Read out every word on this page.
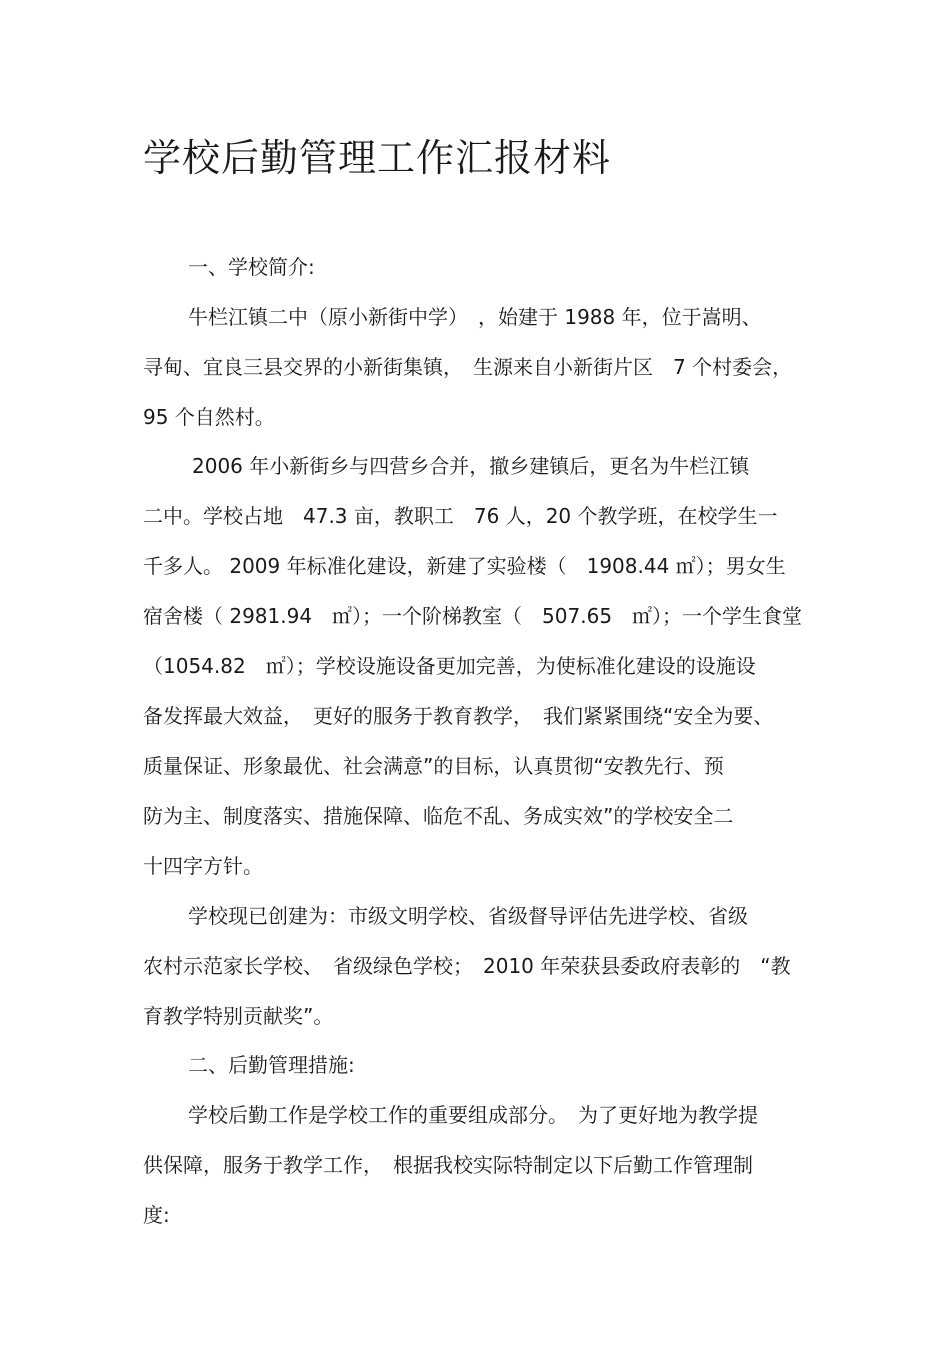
学校后勤管理工作汇报材料

一、学校简介:

牛栏江镇二中（原小新街中学）　，始建于 1988 年，位于嵩明、

寻甸、宜良三县交界的小新街集镇，　生源来自小新街片区　7 个村委会，

95 个自然村。

2006 年小新街乡与四营乡合并，撤乡建镇后，更名为牛栏江镇

二中。学校占地　47.3 亩，教职工　76 人，20 个教学班，在校学生一

千多人。 2009 年标准化建设，新建了实验楼（　1908.44 ㎡）；男女生

宿舍楼（ 2981.94　㎡）；一个阶梯教室（　507.65　㎡）；一个学生食堂

（1054.82　㎡）；学校设施设备更加完善，为使标准化建设的设施设

备发挥最大效益，　更好的服务于教育教学，　我们紧紧围绕“安全为要、

质量保证、形象最优、社会满意”的目标，认真贯彻“安教先行、预

防为主、制度落实、措施保障、临危不乱、务成实效”的学校安全二

十四字方针。

学校现已创建为：市级文明学校、省级督导评估先进学校、省级

农村示范家长学校、　省级绿色学校；　2010 年荣获县委政府表彰的　“教

育教学特别贡献奖”。

二、后勤管理措施:

学校后勤工作是学校工作的重要组成部分。　为了更好地为教学提

供保障，服务于教学工作，　根据我校实际特制定以下后勤工作管理制

度:
